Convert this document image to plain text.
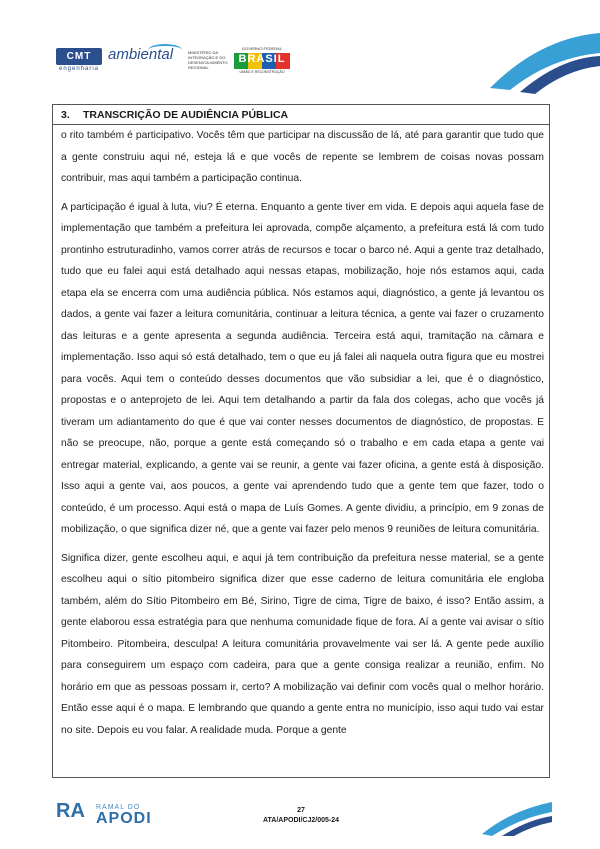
CMT
engenharia
ambiental	MINISTÉRIO DA INTEGRAÇÃO E DO DESENVOLVIMENTO REGIONAL
GOVERNO FEDERAL
BRASIL
UNIÃO E RECONSTRUÇÃO
3. TRANSCRIÇÃO DE AUDIÊNCIA PÚBLICA

o rito também é participativo. Vocês têm que participar na discussão de lá, até para garantir que tudo que a gente construiu aqui né, esteja lá e que vocês de repente se lembrem de coisas novas possam contribuir, mas aqui também a participação continua.

A participação é igual à luta, viu? É eterna. Enquanto a gente tiver em vida. E depois aqui aquela fase de implementação que também a prefeitura lei aprovada, compõe alçamento, a prefeitura está lá com tudo prontinho estruturadinho, vamos correr atrás de recursos e tocar o barco né. Aqui a gente traz detalhado, tudo que eu falei aqui está detalhado aqui nessas etapas, mobilização, hoje nós estamos aqui, cada etapa ela se encerra com uma audiência pública. Nós estamos aqui, diagnóstico, a gente já levantou os dados, a gente vai fazer a leitura comunitária, continuar a leitura técnica, a gente vai fazer o cruzamento das leituras e a gente apresenta a segunda audiência. Terceira está aqui, tramitação na câmara e implementação. Isso aqui só está detalhado, tem o que eu já falei ali naquela outra figura que eu mostrei para vocês. Aqui tem o conteúdo desses documentos que vão subsidiar a lei, que é o diagnóstico, propostas e o anteprojeto de lei. Aqui tem detalhando a partir da fala dos colegas, acho que vocês já tiveram um adiantamento do que é que vai conter nesses documentos de diagnóstico, de propostas. E não se preocupe, não, porque a gente está começando só o trabalho e em cada etapa a gente vai entregar material, explicando, a gente vai se reunir, a gente vai fazer oficina, a gente está à disposição. Isso aqui a gente vai, aos poucos, a gente vai aprendendo tudo que a gente tem que fazer, todo o conteúdo, é um processo. Aqui está o mapa de Luís Gomes. A gente dividiu, a princípio, em 9 zonas de mobilização, o que significa dizer né, que a gente vai fazer pelo menos 9 reuniões de leitura comunitária.

Significa dizer, gente escolheu aqui, e aqui já tem contribuição da prefeitura nesse material, se a gente escolheu aqui o sítio pitombeiro significa dizer que esse caderno de leitura comunitária ele engloba também, além do Sítio Pitombeiro em Bé, Sirino, Tigre de cima, Tigre de baixo, é isso? Então assim, a gente elaborou essa estratégia para que nenhuma comunidade fique de fora. Aí a gente vai avisar o sítio Pitombeiro. Pitombeira, desculpa! A leitura comunitária provavelmente vai ser lá. A gente pede auxílio para conseguirem um espaço com cadeira, para que a gente consiga realizar a reunião, enfim. No horário em que as pessoas possam ir, certo? A mobilização vai definir com vocês qual o melhor horário. Então esse aqui é o mapa. E lembrando que quando a gente entra no município, isso aqui tudo vai estar no site. Depois eu vou falar. A realidade muda. Porque a gente

RA RAMAL DO
APODI	27
ATA/APODI/CJ2/005-24
